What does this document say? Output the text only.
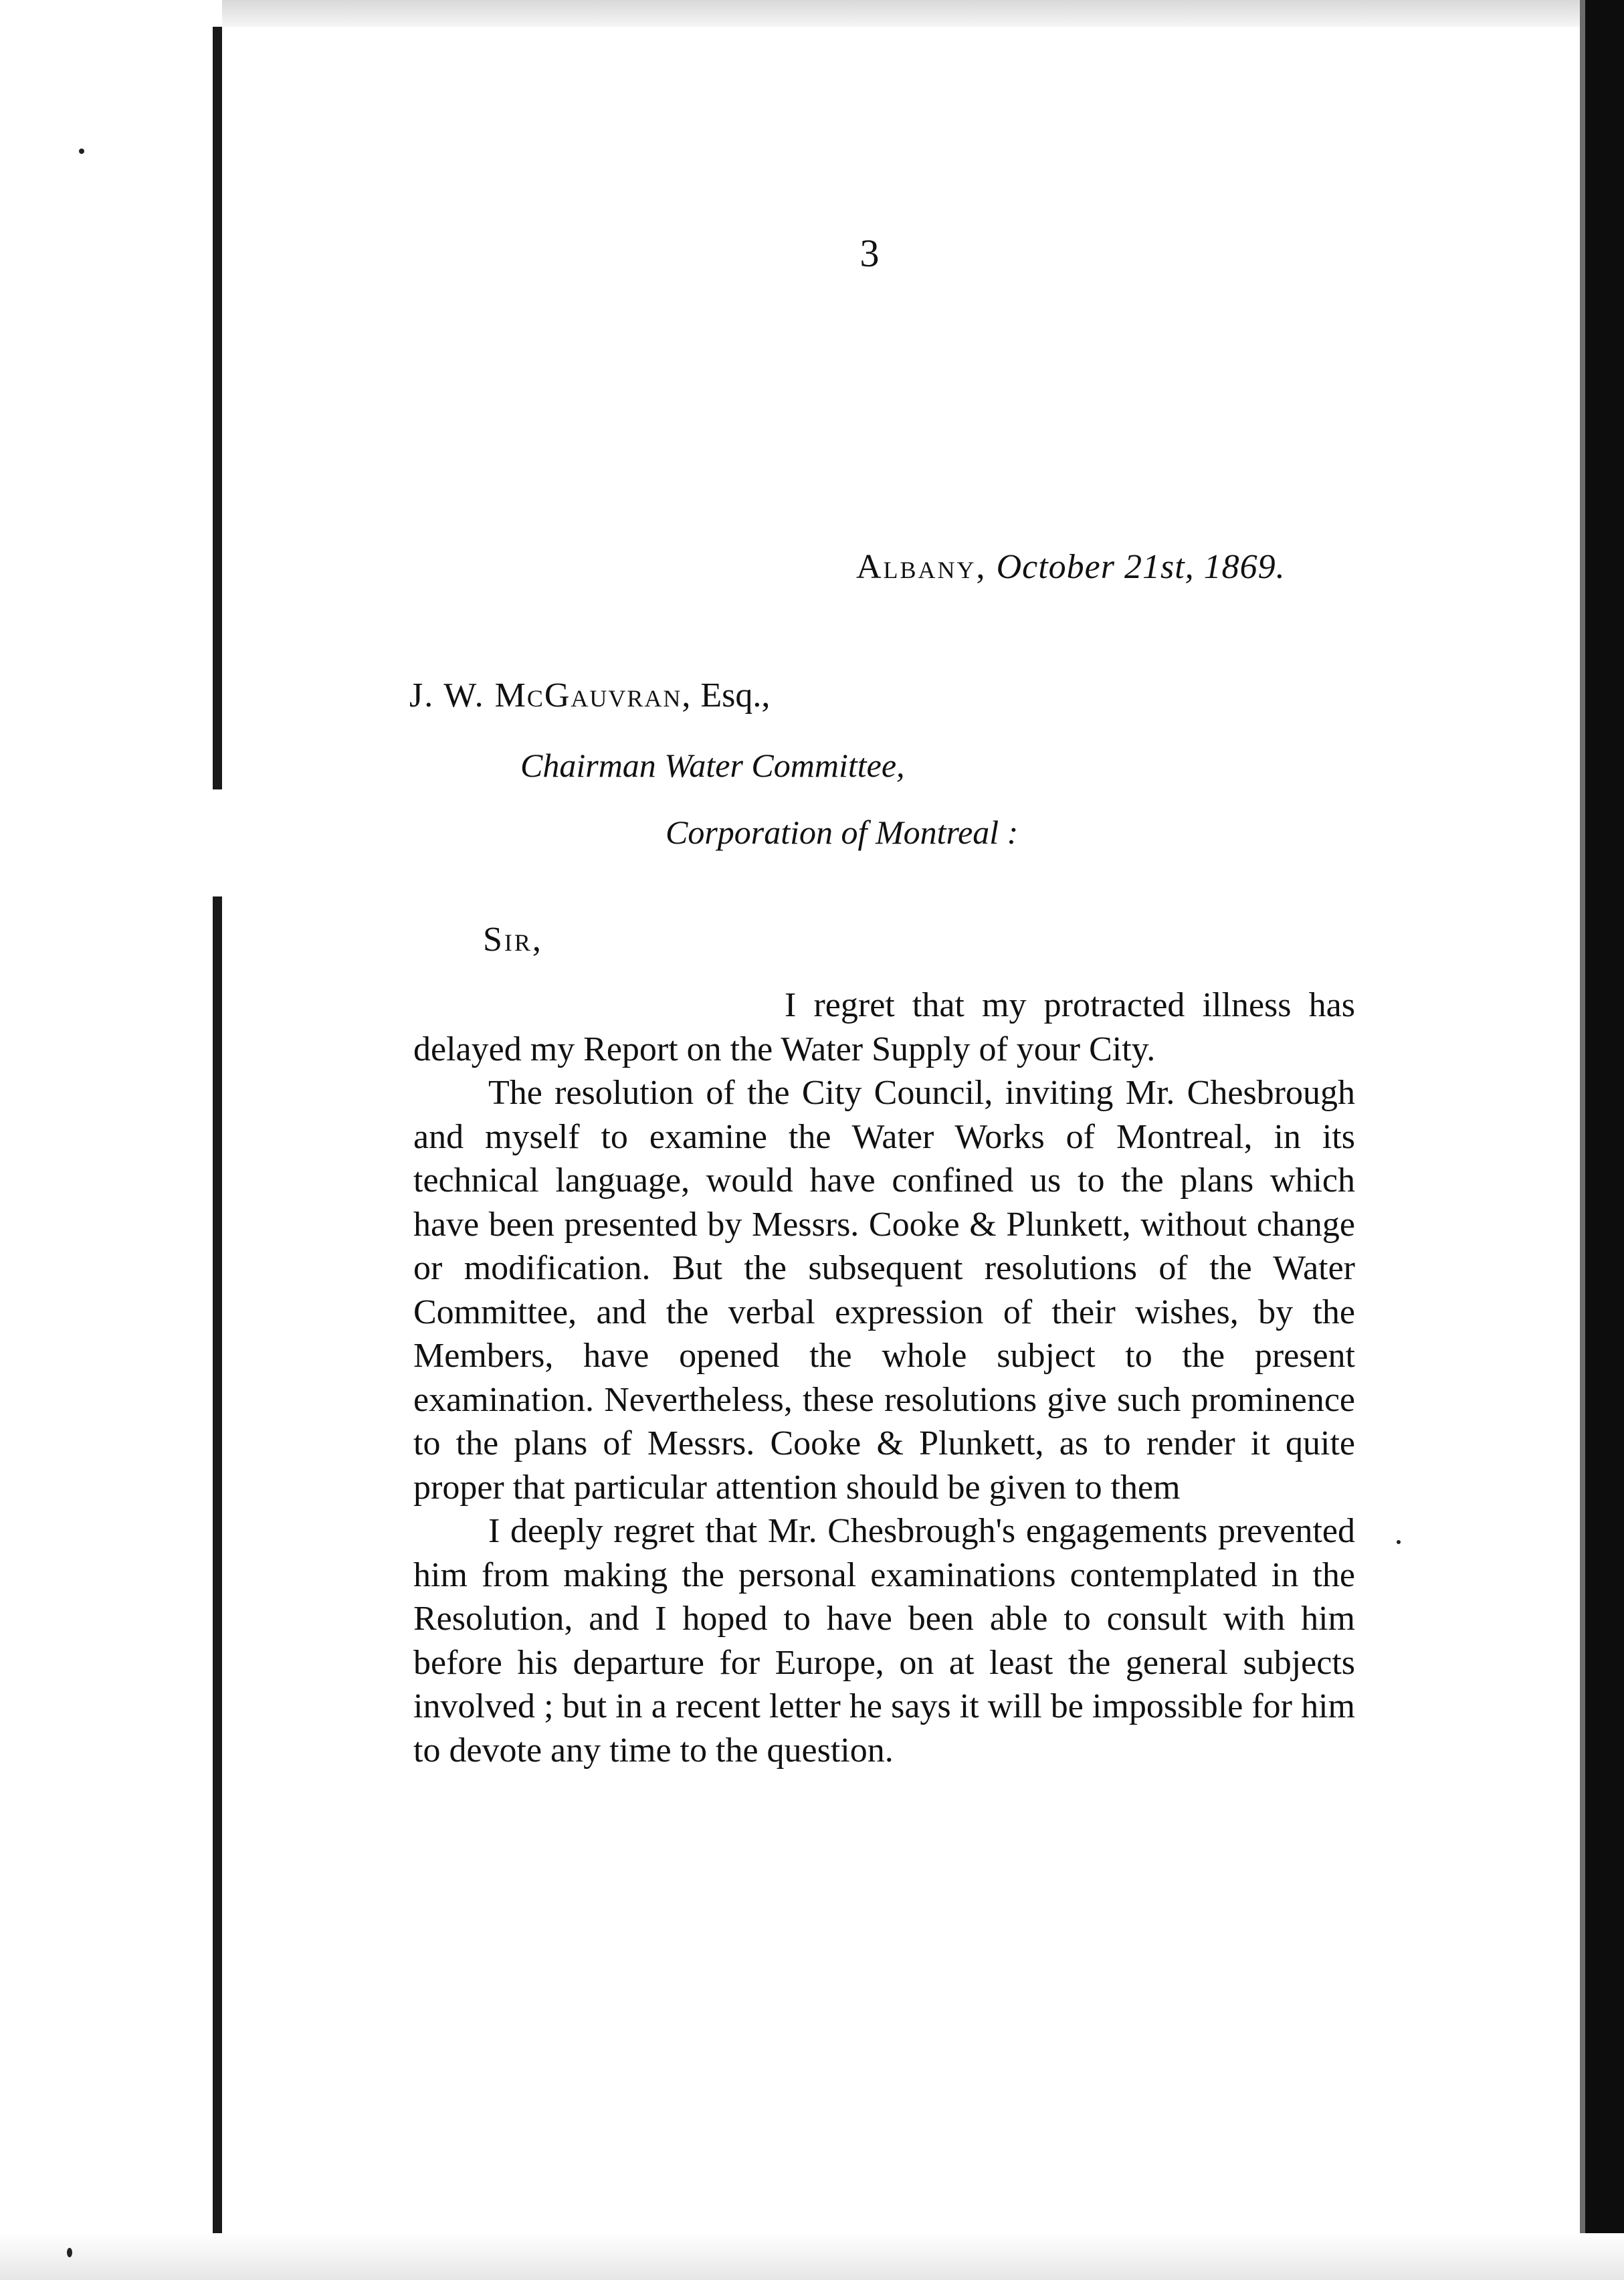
3
Albany, October 21st, 1869.
J. W. McGauvran, Esq.,
Chairman Water Committee,
Corporation of Montreal :
Sir,

I regret that my protracted illness has delayed my Report on the Water Supply of your City.

The resolution of the City Council, inviting Mr. Chesbrough and myself to examine the Water Works of Montreal, in its technical language, would have confined us to the plans which have been presented by Messrs. Cooke & Plunkett, without change or modification. But the subsequent resolutions of the Water Committee, and the verbal expression of their wishes, by the Members, have opened the whole subject to the present examination. Nevertheless, these resolutions give such prominence to the plans of Messrs. Cooke & Plunkett, as to render it quite proper that particular attention should be given to them

I deeply regret that Mr. Chesbrough's engagements prevented him from making the personal examinations contemplated in the Resolution, and I hoped to have been able to consult with him before his departure for Europe, on at least the general subjects involved ; but in a recent letter he says it will be impossible for him to devote any time to the question.
